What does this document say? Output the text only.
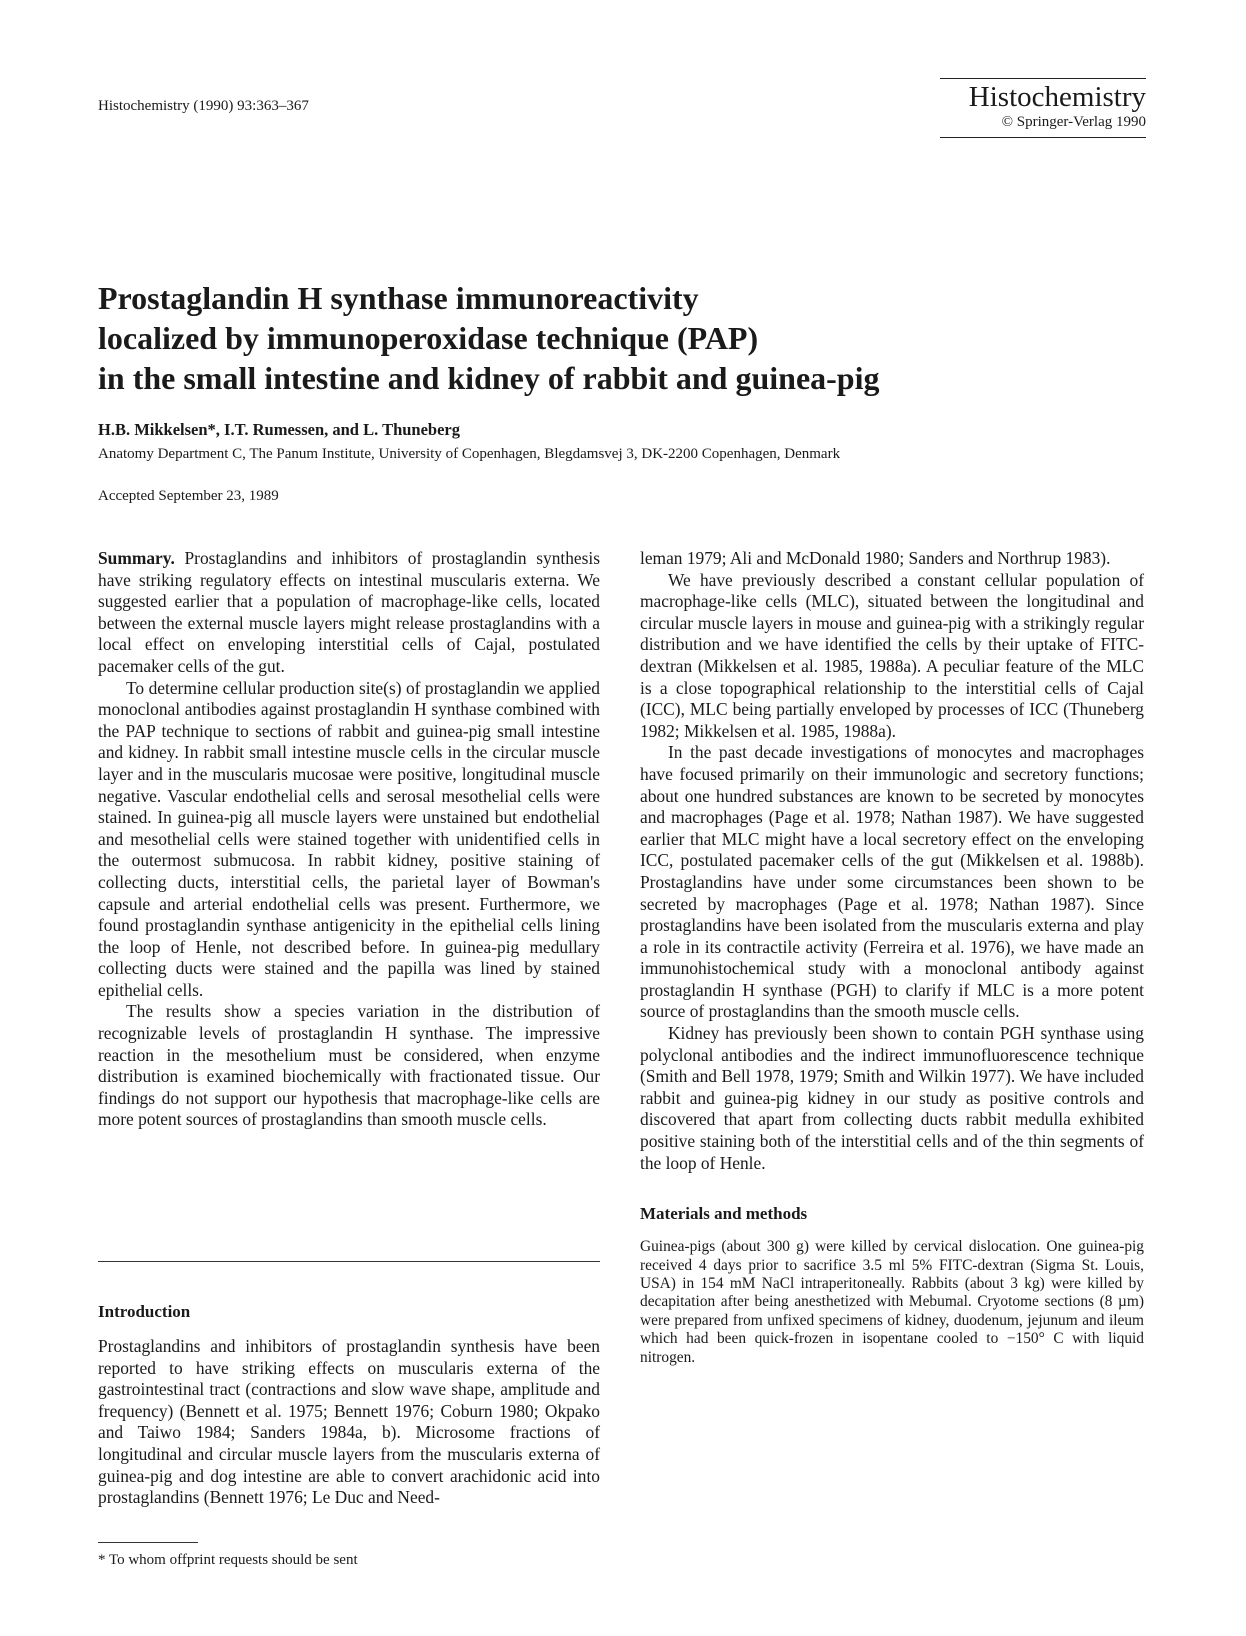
Histochemistry (1990) 93:363–367	Histochemistry
© Springer-Verlag 1990
Prostaglandin H synthase immunoreactivity
localized by immunoperoxidase technique (PAP)
in the small intestine and kidney of rabbit and guinea-pig
H.B. Mikkelsen*, I.T. Rumessen, and L. Thuneberg
Anatomy Department C, The Panum Institute, University of Copenhagen, Blegdamsvej 3, DK-2200 Copenhagen, Denmark
Accepted September 23, 1989

Summary. Prostaglandins and inhibitors of prostaglandin synthesis have striking regulatory effects on intestinal muscularis externa. We suggested earlier that a population of macrophage-like cells, located between the external muscle layers might release prostaglandins with a local effect on enveloping interstitial cells of Cajal, postulated pacemaker cells of the gut.

To determine cellular production site(s) of prostaglandin we applied monoclonal antibodies against prostaglandin H synthase combined with the PAP technique to sections of rabbit and guinea-pig small intestine and kidney. In rabbit small intestine muscle cells in the circular muscle layer and in the muscularis mucosae were positive, longitudinal muscle negative. Vascular endothelial cells and serosal mesothelial cells were stained. In guinea-pig all muscle layers were unstained but endothelial and mesothelial cells were stained together with unidentified cells in the outermost submucosa. In rabbit kidney, positive staining of collecting ducts, interstitial cells, the parietal layer of Bowman's capsule and arterial endothelial cells was present. Furthermore, we found prostaglandin synthase antigenicity in the epithelial cells lining the loop of Henle, not described before. In guinea-pig medullary collecting ducts were stained and the papilla was lined by stained epithelial cells.

The results show a species variation in the distribution of recognizable levels of prostaglandin H synthase. The impressive reaction in the mesothelium must be considered, when enzyme distribution is examined biochemically with fractionated tissue. Our findings do not support our hypothesis that macrophage-like cells are more potent sources of prostaglandins than smooth muscle cells.

Introduction

Prostaglandins and inhibitors of prostaglandin synthesis have been reported to have striking effects on muscularis externa of the gastrointestinal tract (contractions and slow wave shape, amplitude and frequency) (Bennett et al. 1975; Bennett 1976; Coburn 1980; Okpako and Taiwo 1984; Sanders 1984a, b). Microsome fractions of longitudinal and circular muscle layers from the muscularis externa of guinea-pig and dog intestine are able to convert arachidonic acid into prostaglandins (Bennett 1976; Le Duc and Need-

* To whom offprint requests should be sent

leman 1979; Ali and McDonald 1980; Sanders and Northrup 1983).

We have previously described a constant cellular population of macrophage-like cells (MLC), situated between the longitudinal and circular muscle layers in mouse and guinea-pig with a strikingly regular distribution and we have identified the cells by their uptake of FITC-dextran (Mikkelsen et al. 1985, 1988a). A peculiar feature of the MLC is a close topographical relationship to the interstitial cells of Cajal (ICC), MLC being partially enveloped by processes of ICC (Thuneberg 1982; Mikkelsen et al. 1985, 1988a).

In the past decade investigations of monocytes and macrophages have focused primarily on their immunologic and secretory functions; about one hundred substances are known to be secreted by monocytes and macrophages (Page et al. 1978; Nathan 1987). We have suggested earlier that MLC might have a local secretory effect on the enveloping ICC, postulated pacemaker cells of the gut (Mikkelsen et al. 1988b). Prostaglandins have under some circumstances been shown to be secreted by macrophages (Page et al. 1978; Nathan 1987). Since prostaglandins have been isolated from the muscularis externa and play a role in its contractile activity (Ferreira et al. 1976), we have made an immunohistochemical study with a monoclonal antibody against prostaglandin H synthase (PGH) to clarify if MLC is a more potent source of prostaglandins than the smooth muscle cells.

Kidney has previously been shown to contain PGH synthase using polyclonal antibodies and the indirect immunofluorescence technique (Smith and Bell 1978, 1979; Smith and Wilkin 1977). We have included rabbit and guinea-pig kidney in our study as positive controls and discovered that apart from collecting ducts rabbit medulla exhibited positive staining both of the interstitial cells and of the thin segments of the loop of Henle.

Materials and methods

Guinea-pigs (about 300 g) were killed by cervical dislocation. One guinea-pig received 4 days prior to sacrifice 3.5 ml 5% FITC-dextran (Sigma St. Louis, USA) in 154 mM NaCl intraperitoneally. Rabbits (about 3 kg) were killed by decapitation after being anesthetized with Mebumal. Cryotome sections (8 µm) were prepared from unfixed specimens of kidney, duodenum, jejunum and ileum which had been quick-frozen in isopentane cooled to −150° C with liquid nitrogen.
